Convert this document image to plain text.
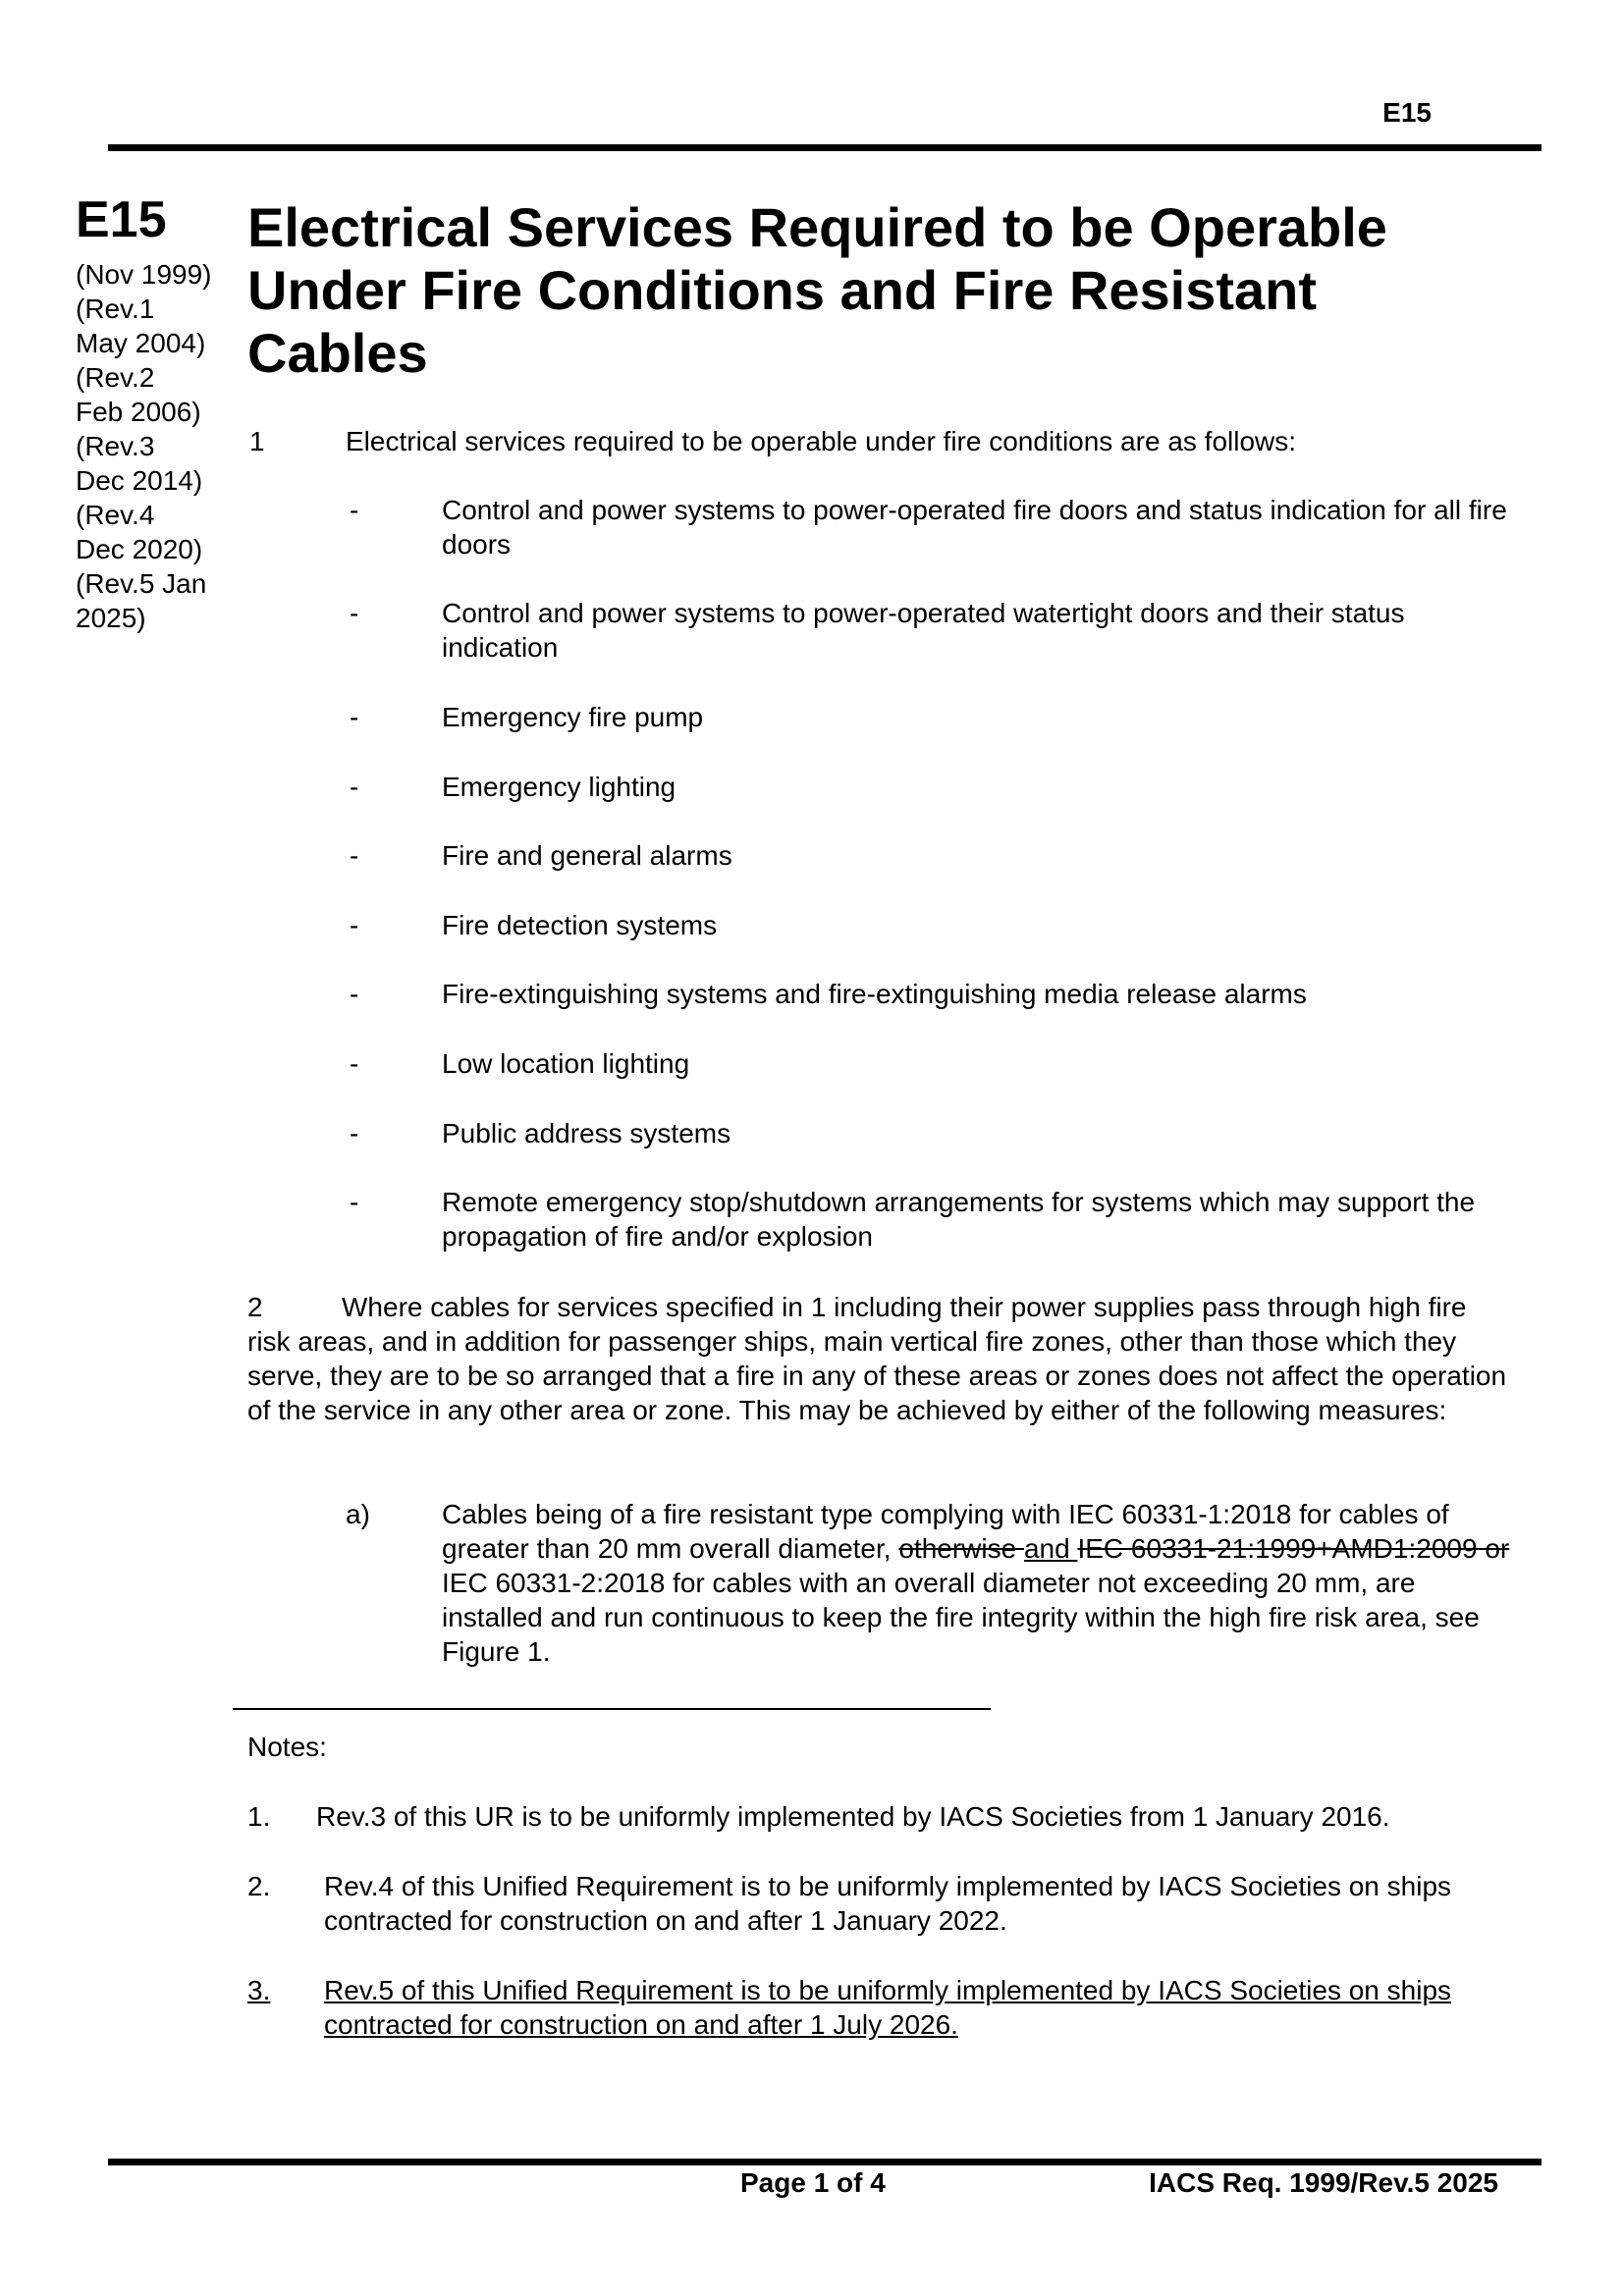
E15
E15
(Nov 1999)
(Rev.1
May 2004)
(Rev.2
Feb 2006)
(Rev.3
Dec 2014)
(Rev.4
Dec 2020)
(Rev.5 Jan
2025)
Electrical Services Required to be Operable
Under Fire Conditions and Fire Resistant
Cables
1	Electrical services required to be operable under fire conditions are as follows:
-	Control and power systems to power-operated fire doors and status indication for all fire doors
-	Control and power systems to power-operated watertight doors and their status indication
-	Emergency fire pump
-	Emergency lighting
-	Fire and general alarms
-	Fire detection systems
-	Fire-extinguishing systems and fire-extinguishing media release alarms
-	Low location lighting
-	Public address systems
-	Remote emergency stop/shutdown arrangements for systems which may support the propagation of fire and/or explosion
2	Where cables for services specified in 1 including their power supplies pass through high fire risk areas, and in addition for passenger ships, main vertical fire zones, other than those which they serve, they are to be so arranged that a fire in any of these areas or zones does not affect the operation of the service in any other area or zone. This may be achieved by either of the following measures:
a)	Cables being of a fire resistant type complying with IEC 60331-1:2018 for cables of greater than 20 mm overall diameter, otherwise and IEC 60331-21:1999+AMD1:2009 or IEC 60331-2:2018 for cables with an overall diameter not exceeding 20 mm, are installed and run continuous to keep the fire integrity within the high fire risk area, see Figure 1.
Notes:
1. Rev.3 of this UR is to be uniformly implemented by IACS Societies from 1 January 2016.
2. Rev.4 of this Unified Requirement is to be uniformly implemented by IACS Societies on ships contracted for construction on and after 1 January 2022.
3.	Rev.5 of this Unified Requirement is to be uniformly implemented by IACS Societies on ships contracted for construction on and after 1 July 2026.
Page 1 of 4	IACS Req. 1999/Rev.5 2025
